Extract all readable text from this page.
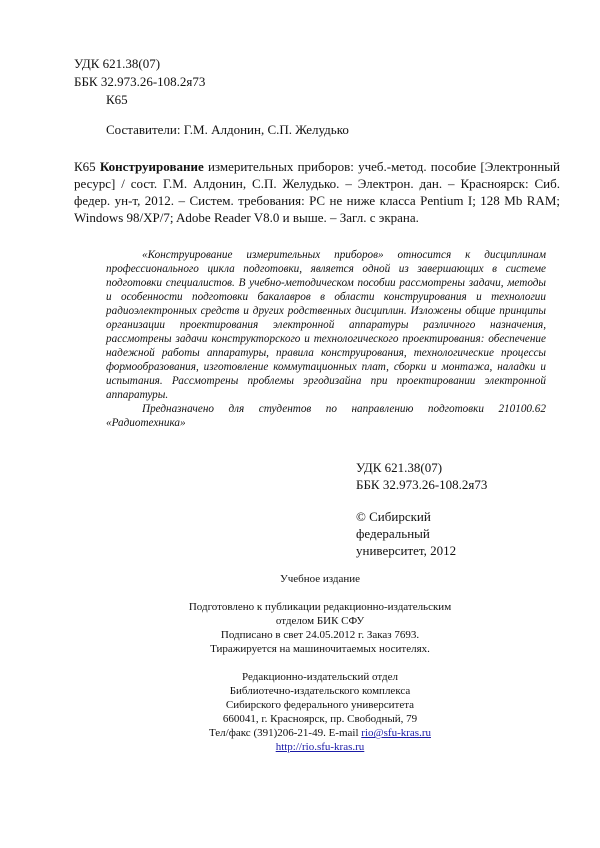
УДК 621.38(07)
ББК 32.973.26-108.2я73
К65
Составители: Г.М. Алдонин, С.П. Желудько
К65 Конструирование измерительных приборов: учеб.-метод. пособие [Электронный ресурс] / сост. Г.М. Алдонин, С.П. Желудько. – Электрон. дан. – Красноярск: Сиб. федер. ун-т, 2012. – Систем. требования: PC не ниже класса Pentium I; 128 Mb RAM; Windows 98/XP/7; Adobe Reader V8.0 и выше. – Загл. с экрана.
«Конструирование измерительных приборов» относится к дисциплинам профессионального цикла подготовки, является одной из завершающих в системе подготовки специалистов. В учебно-методическом пособии рассмотрены задачи, методы и особенности подготовки бакалавров в области конструирования и технологии радиоэлектронных средств и других родственных дисциплин. Изложены общие принципы организации проектирования электронной аппаратуры различного назначения, рассмотрены задачи конструкторского и технологического проектирования: обеспечение надежной работы аппаратуры, правила конструирования, технологические процессы формообразования, изготовление коммутационных плат, сборки и монтажа, наладки и испытания. Рассмотрены проблемы эргодизайна при проектировании электронной аппаратуры.
Предназначено для студентов по направлению подготовки 210100.62 «Радиотехника»
УДК 621.38(07)
ББК 32.973.26-108.2я73
© Сибирский
федеральный
университет, 2012
Учебное издание
Подготовлено к публикации редакционно-издательским
отделом БИК СФУ
Подписано в свет 24.05.2012 г. Заказ 7693.
Тиражируется на машиночитаемых носителях.
Редакционно-издательский отдел
Библиотечно-издательского комплекса
Сибирского федерального университета
660041, г. Красноярск, пр. Свободный, 79
Тел/факс (391)206-21-49. E-mail rio@sfu-kras.ru
http://rio.sfu-kras.ru
